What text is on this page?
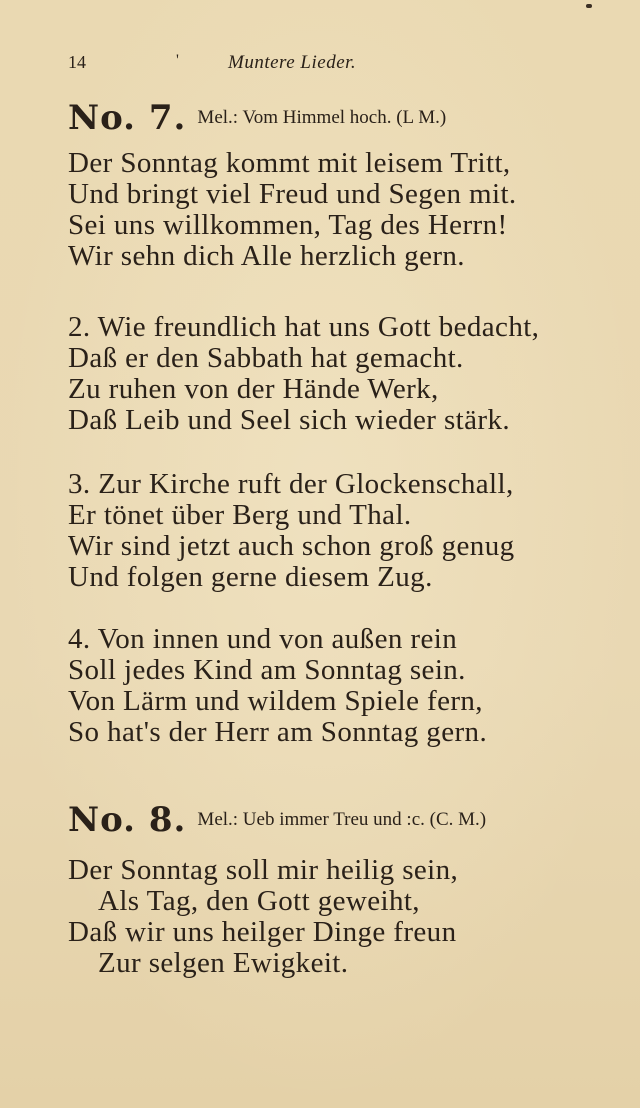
14	'	Muntere Lieder.
No. 7. Mel.: Vom Himmel hoch. (L M.)
Der Sonntag kommt mit leisem Tritt,
Und bringt viel Freud und Segen mit.
Sei uns willkommen, Tag des Herrn!
Wir sehn dich Alle herzlich gern.
2. Wie freundlich hat uns Gott bedacht,
Daß er den Sabbath hat gemacht.
Zu ruhen von der Hände Werk,
Daß Leib und Seel sich wieder stärk.
3. Zur Kirche ruft der Glockenschall,
Er tönet über Berg und Thal.
Wir sind jetzt auch schon groß genug
Und folgen gerne diesem Zug.
4. Von innen und von außen rein
Soll jedes Kind am Sonntag sein.
Von Lärm und wildem Spiele fern,
So hat's der Herr am Sonntag gern.
No. 8. Mel.: Ueb immer Treu und :c. (C. M.)
Der Sonntag soll mir heilig sein,
Als Tag, den Gott geweiht,
Daß wir uns heilger Dinge freun
Zur selgen Ewigkeit.
